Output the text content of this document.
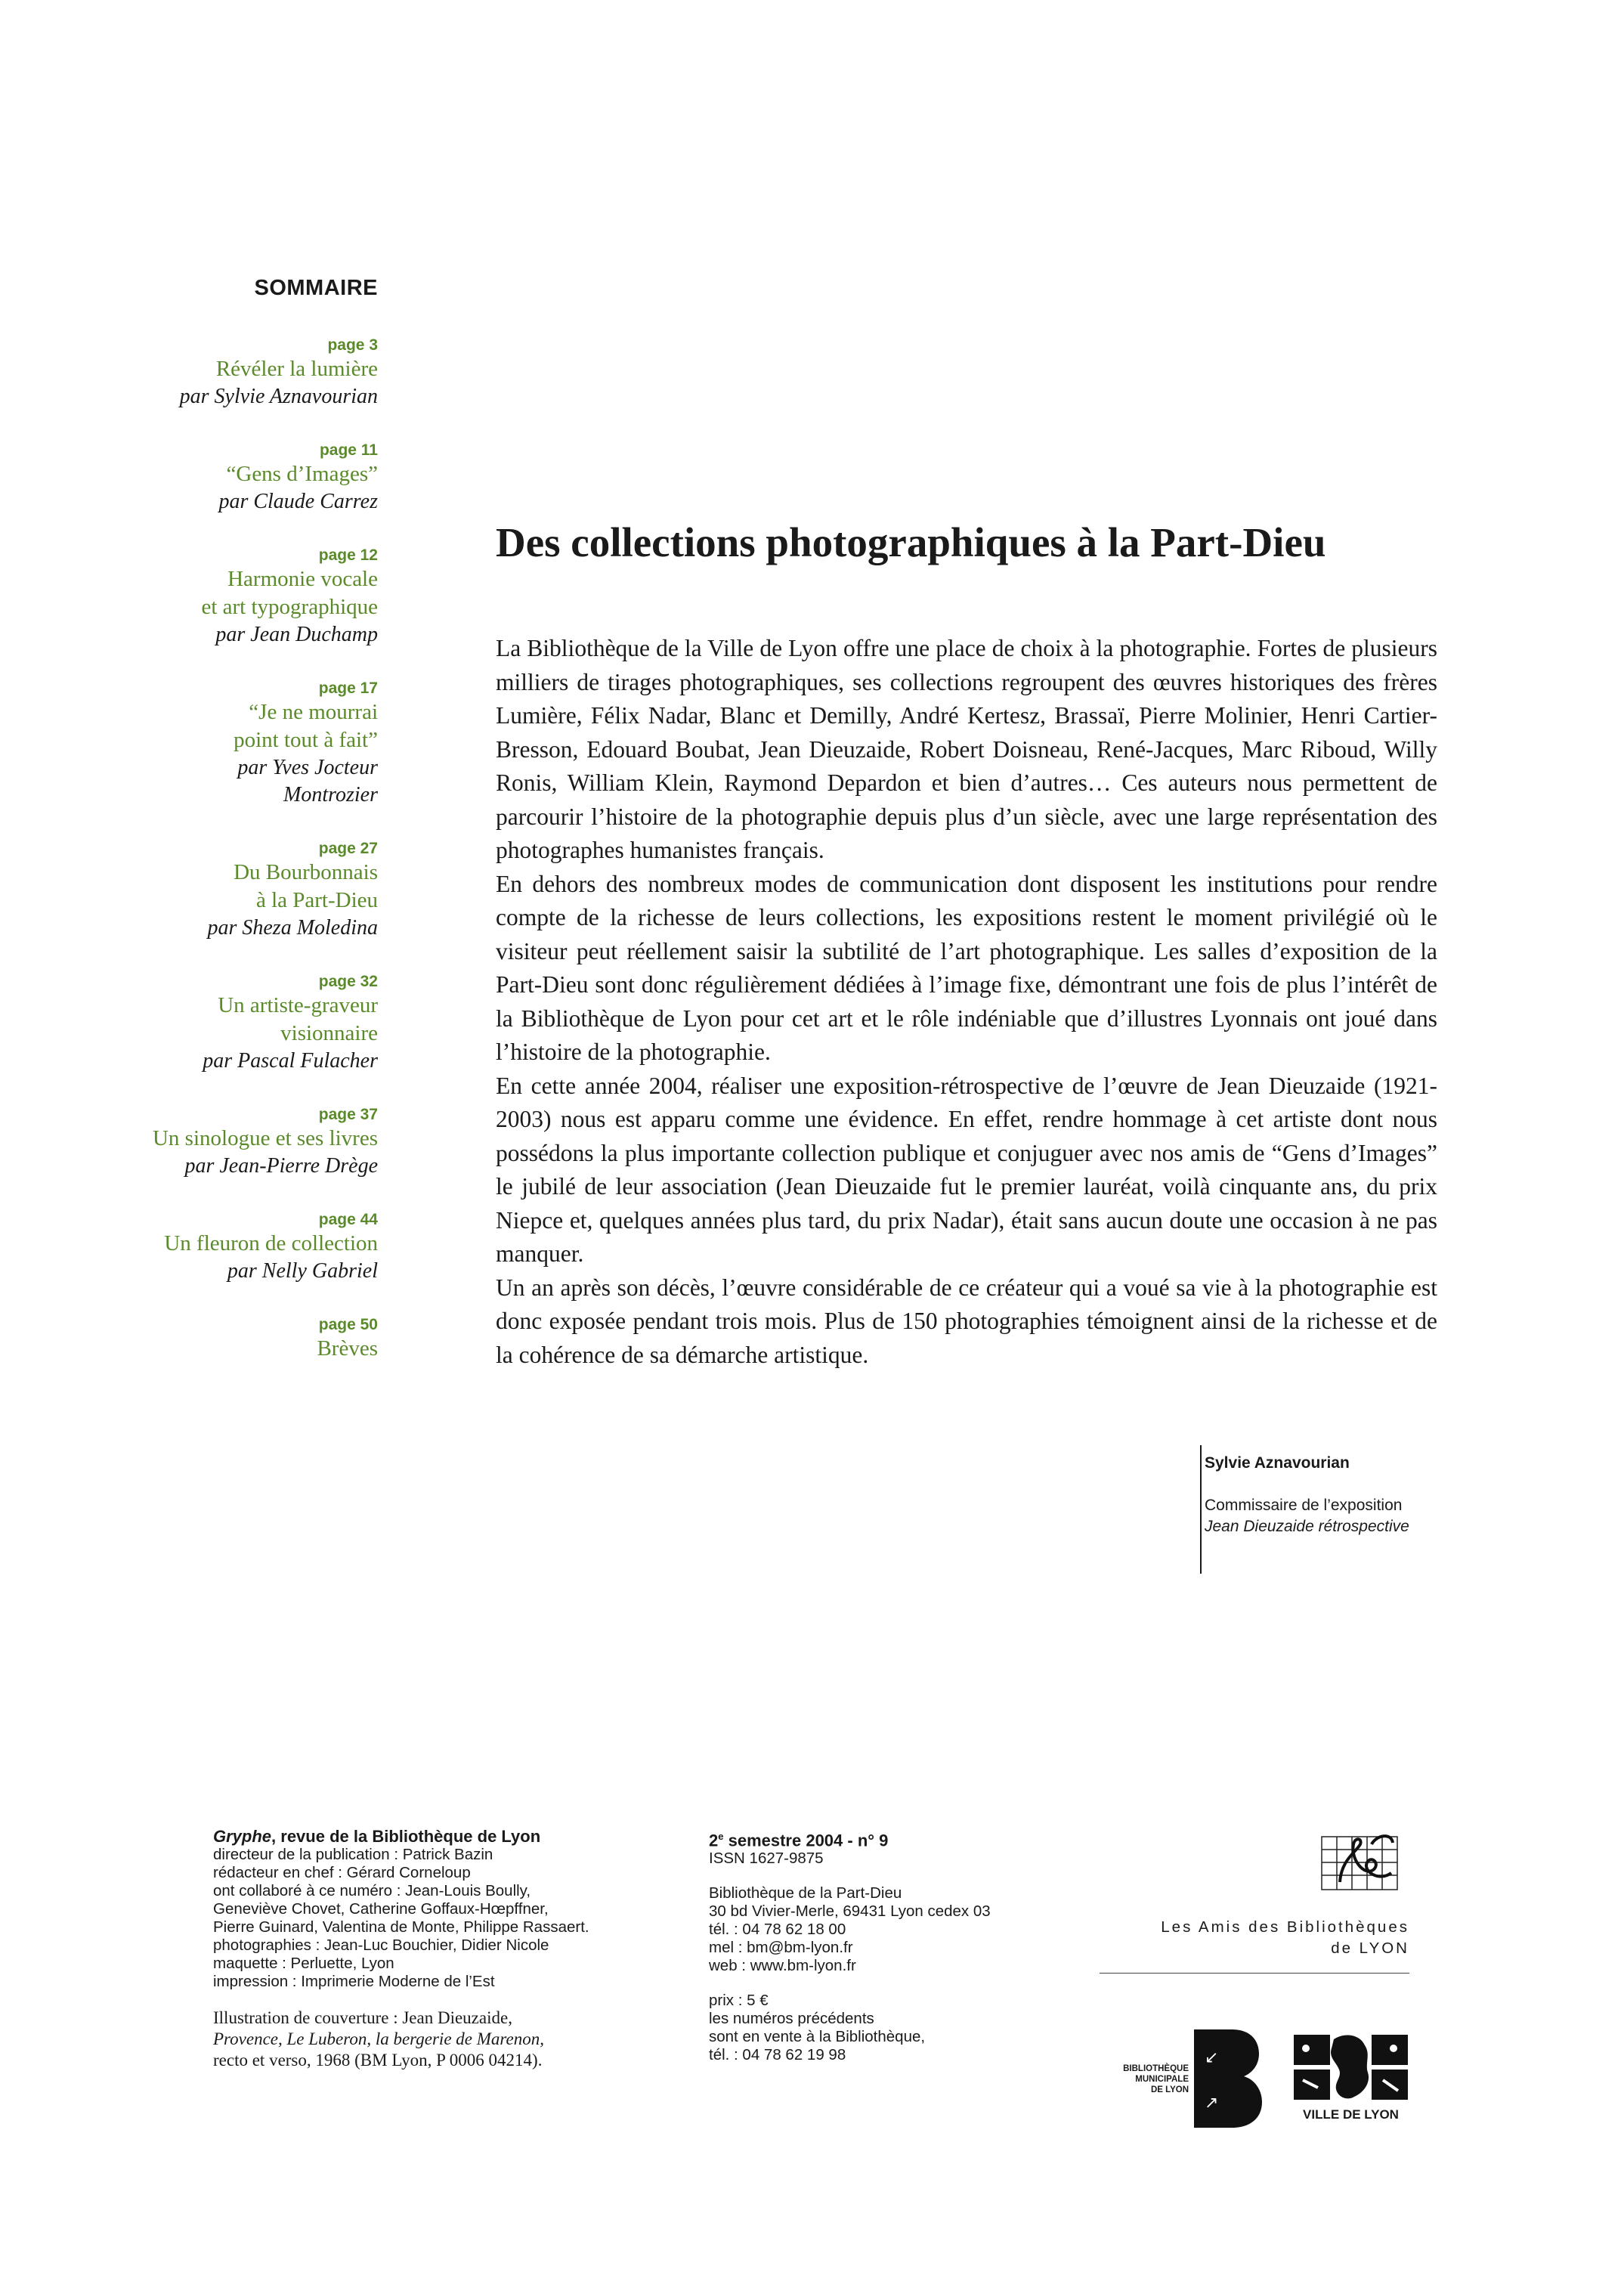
SOMMAIRE
page 3
Révéler la lumière
par Sylvie Aznavourian
page 11
“Gens d’Images”
par Claude Carrez
page 12
Harmonie vocale
et art typographique
par Jean Duchamp
page 17
“Je ne mourrai
point tout à fait”
par Yves Jocteur
Montrozier
page 27
Du Bourbonnais
à la Part-Dieu
par Sheza Moledina
page 32
Un artiste-graveur
visionnaire
par Pascal Fulacher
page 37
Un sinologue et ses livres
par Jean-Pierre Drège
page 44
Un fleuron de collection
par Nelly Gabriel
page 50
Brèves
Des collections photographiques à la Part-Dieu

La Bibliothèque de la Ville de Lyon offre une place de choix à la photographie. Fortes de plusieurs milliers de tirages photographiques, ses collections regroupent des œuvres historiques des frères Lumière, Félix Nadar, Blanc et Demilly, André Kertesz, Brassaï, Pierre Molinier, Henri Cartier-Bresson, Edouard Boubat, Jean Dieuzaide, Robert Doisneau, René-Jacques, Marc Riboud, Willy Ronis, William Klein, Raymond Depardon et bien d’autres… Ces auteurs nous permettent de parcourir l’histoire de la photographie depuis plus d’un siècle, avec une large représentation des photographes humanistes français.

En dehors des nombreux modes de communication dont disposent les institutions pour rendre compte de la richesse de leurs collections, les expositions restent le moment privilégié où le visiteur peut réellement saisir la subtilité de l’art photographique. Les salles d’exposition de la Part-Dieu sont donc régulièrement dédiées à l’image fixe, démontrant une fois de plus l’intérêt de la Bibliothèque de Lyon pour cet art et le rôle indéniable que d’illustres Lyonnais ont joué dans l’histoire de la photographie.

En cette année 2004, réaliser une exposition-rétrospective de l’œuvre de Jean Dieuzaide (1921-2003) nous est apparu comme une évidence. En effet, rendre hommage à cet artiste dont nous possédons la plus importante collection publique et conjuguer avec nos amis de “Gens d’Images” le jubilé de leur association (Jean Dieuzaide fut le premier lauréat, voilà cinquante ans, du prix Niepce et, quelques années plus tard, du prix Nadar), était sans aucun doute une occasion à ne pas manquer.

Un an après son décès, l’œuvre considérable de ce créateur qui a voué sa vie à la photographie est donc exposée pendant trois mois. Plus de 150 photographies témoignent ainsi de la richesse et de la cohérence de sa démarche artistique.

Sylvie Aznavourian
Commissaire de l’exposition
Jean Dieuzaide rétrospective
Gryphe, revue de la Bibliothèque de Lyon
directeur de la publication : Patrick Bazin
rédacteur en chef : Gérard Corneloup
ont collaboré à ce numéro : Jean-Louis Boully,
Geneviève Chovet, Catherine Goffaux-Hœpffner,
Pierre Guinard, Valentina de Monte, Philippe Rassaert.
photographies : Jean-Luc Bouchier, Didier Nicole
maquette : Perluette, Lyon
impression : Imprimerie Moderne de l’Est
Illustration de couverture : Jean Dieuzaide,
Provence, Le Luberon, la bergerie de Marenon,
recto et verso, 1968 (BM Lyon, P 0006 04214).
2e semestre 2004 - n° 9
ISSN 1627-9875
Bibliothèque de la Part-Dieu
30 bd Vivier-Merle, 69431 Lyon cedex 03
tél. : 04 78 62 18 00
mel : bm@bm-lyon.fr
web : www.bm-lyon.fr
prix : 5 €
les numéros précédents
sont en vente à la Bibliothèque,
tél. : 04 78 62 19 98
Les Amis des Bibliothèques
de LYON
BIBLIOTHÈQUE
MUNICIPALE
DE LYON
↙
↗
VILLE DE LYON
